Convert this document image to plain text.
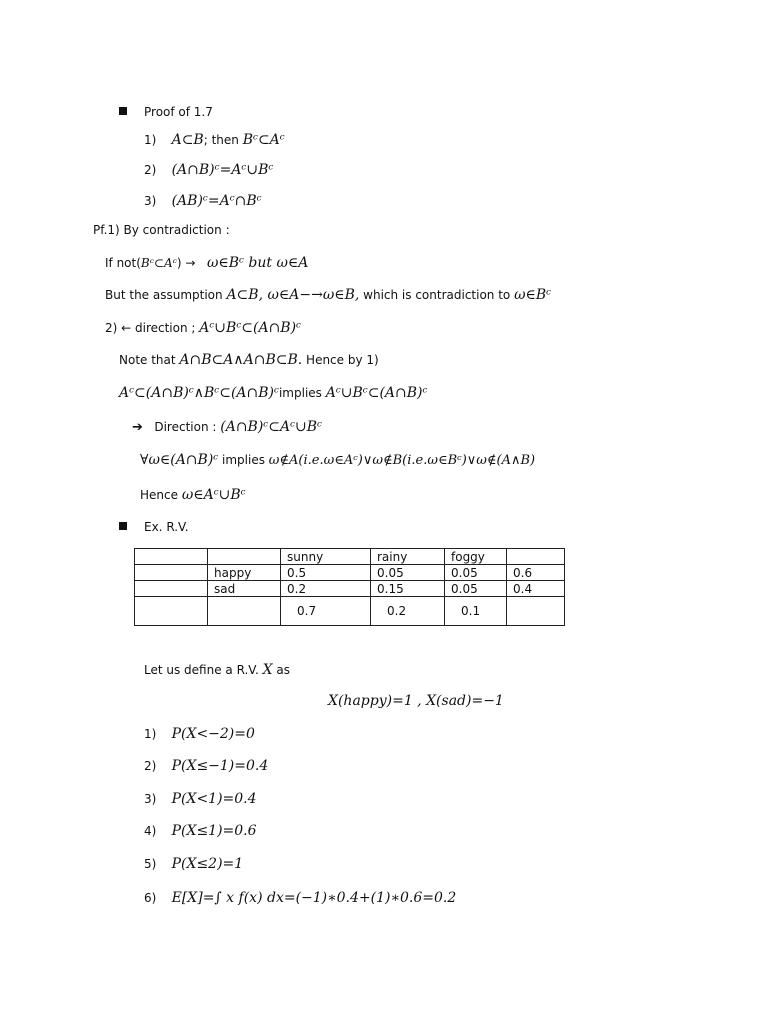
Proof of 1.7
1) A⊂B; then Bᶜ⊂Aᶜ
2) (A∩B)ᶜ=Aᶜ∪Bᶜ
3) (AB)ᶜ=Aᶜ∩Bᶜ
Pf.1) By contradiction :
If not(Bᶜ⊂Aᶜ) → ω∈Bᶜ but ω∈A
But the assumption A⊂B, ω∈A−→ω∈B, which is contradiction to ω∈Bᶜ
2) ← direction ; Aᶜ∪Bᶜ⊂(A∩B)ᶜ
Note that A∩B⊂A∧A∩B⊂B. Hence by 1)
Aᶜ⊂(A∩B)ᶜ∧Bᶜ⊂(A∩B)ᶜimplies Aᶜ∪Bᶜ⊂(A∩B)ᶜ
➔ Direction : (A∩B)ᶜ⊂Aᶜ∪Bᶜ
∀ω∈(A∩B)ᶜ implies ω∉A(i.e.ω∈Aᶜ)∨ω∉B(i.e.ω∈Bᶜ)∨ω∉(A∧B)
Hence ω∈Aᶜ∪Bᶜ
Ex. R.V.
		sunny	rainy	foggy	
	happy	0.5	0.05	0.05	0.6
	sad	0.2	0.15	0.05	0.4
		0.7	0.2	0.1	
Let us define a R.V. X as
X(happy)=1 , X(sad)=−1
1) P(X<−2)=0
2) P(X≤−1)=0.4
3) P(X<1)=0.4
4) P(X≤1)=0.6
5) P(X≤2)=1
6) E[X]=∫ x f(x) dx=(−1)∗0.4+(1)∗0.6=0.2
